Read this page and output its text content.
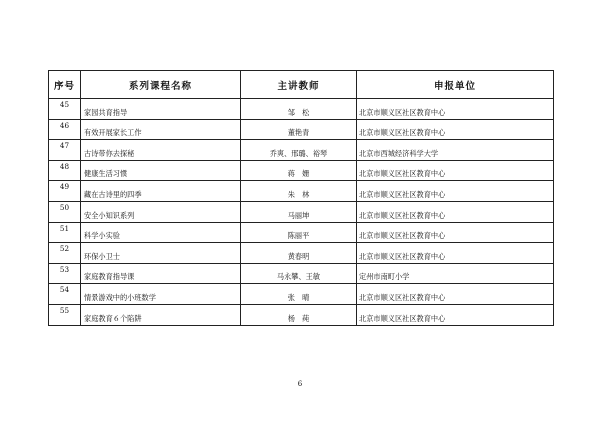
序号	系列课程名称	主讲教师	申报单位
45	家园共育指导	邹　松	北京市顺义区社区教育中心
46	有效开展家长工作	董艳青	北京市顺义区社区教育中心
47	古诗带你去探秘	乔爽、邢璐、裕琴	北京市西城经济科学大学
48	健康生活习惯	蒋　姗	北京市顺义区社区教育中心
49	藏在古诗里的四季	朱　林	北京市顺义区社区教育中心
50	安全小知识系列	马丽坤	北京市顺义区社区教育中心
51	科学小实验	陈丽平	北京市顺义区社区教育中心
52	环保小卫士	黄春明	北京市顺义区社区教育中心
53	家庭教育指导课	马永攀、王敏	定州市南町小学
54	情景游戏中的小班数学	张　晴	北京市顺义区社区教育中心
55	家庭教育６个陷阱	杨　莼	北京市顺义区社区教育中心
6
